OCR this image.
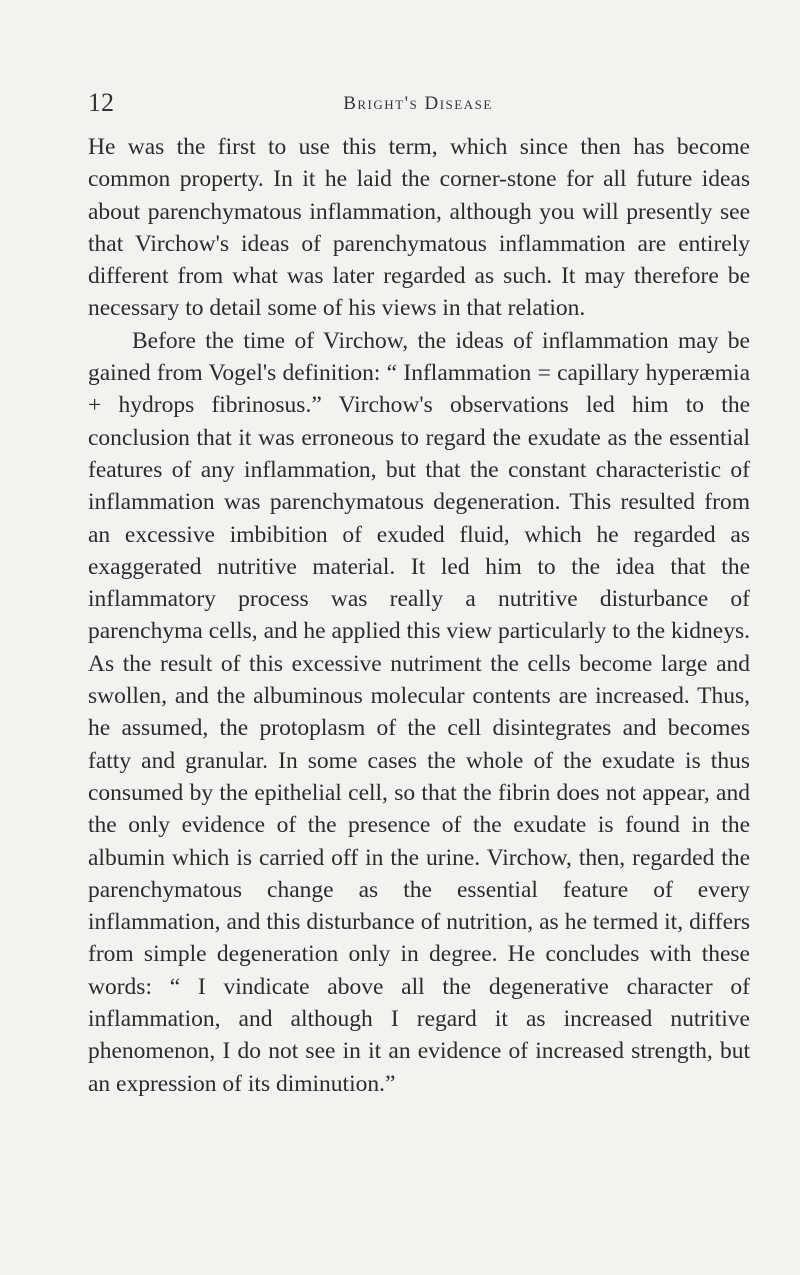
12	Bright's Disease

He was the first to use this term, which since then has become common property. In it he laid the corner-stone for all future ideas about parenchymatous inflammation, although you will presently see that Virchow's ideas of parenchymatous inflammation are entirely different from what was later regarded as such. It may therefore be necessary to detail some of his views in that relation.

Before the time of Virchow, the ideas of inflammation may be gained from Vogel's definition: “ Inflammation = capillary hyperæmia + hydrops fibrinosus.” Virchow's observations led him to the conclusion that it was erroneous to regard the exudate as the essential features of any inflammation, but that the constant characteristic of inflammation was parenchymatous degeneration. This resulted from an excessive imbibition of exuded fluid, which he regarded as exaggerated nutritive material. It led him to the idea that the inflammatory process was really a nutritive disturbance of parenchyma cells, and he applied this view particularly to the kidneys. As the result of this excessive nutriment the cells become large and swollen, and the albuminous molecular contents are increased. Thus, he assumed, the protoplasm of the cell disintegrates and becomes fatty and granular. In some cases the whole of the exudate is thus consumed by the epithelial cell, so that the fibrin does not appear, and the only evidence of the presence of the exudate is found in the albumin which is carried off in the urine. Virchow, then, regarded the parenchymatous change as the essential feature of every inflammation, and this disturbance of nutrition, as he termed it, differs from simple degeneration only in degree. He concludes with these words: “ I vindicate above all the degenerative character of inflammation, and although I regard it as increased nutritive phenomenon, I do not see in it an evidence of increased strength, but an expression of its diminution.”
